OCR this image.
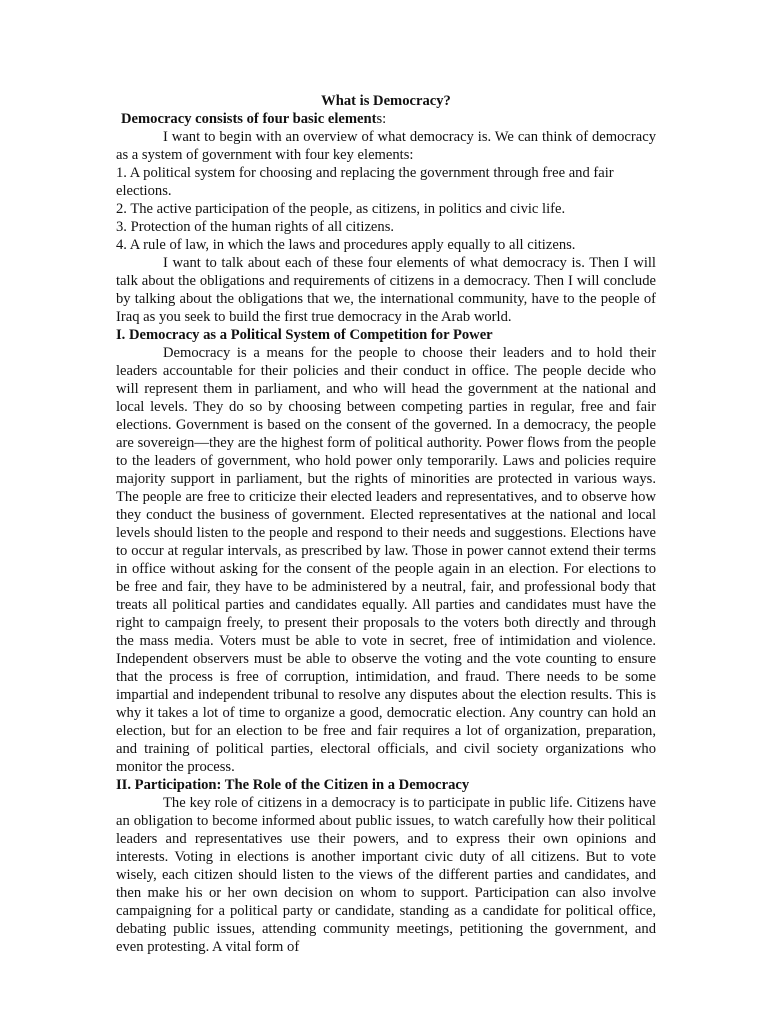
What is Democracy?
Democracy consists of four basic elements:

I want to begin with an overview of what democracy is. We can think of democracy as a system of government with four key elements:

1. A political system for choosing and replacing the government through free and fair elections.
2. The active participation of the people, as citizens, in politics and civic life.
3. Protection of the human rights of all citizens.
4. A rule of law, in which the laws and procedures apply equally to all citizens.

I want to talk about each of these four elements of what democracy is. Then I will talk about the obligations and requirements of citizens in a democracy. Then I will conclude by talking about the obligations that we, the international community, have to the people of Iraq as you seek to build the first true democracy in the Arab world.

I. Democracy as a Political System of Competition for Power

Democracy is a means for the people to choose their leaders and to hold their leaders accountable for their policies and their conduct in office. The people decide who will represent them in parliament, and who will head the government at the national and local levels. They do so by choosing between competing parties in regular, free and fair elections. Government is based on the consent of the governed. In a democracy, the people are sovereign—they are the highest form of political authority. Power flows from the people to the leaders of government, who hold power only temporarily. Laws and policies require majority support in parliament, but the rights of minorities are protected in various ways. The people are free to criticize their elected leaders and representatives, and to observe how they conduct the business of government. Elected representatives at the national and local levels should listen to the people and respond to their needs and suggestions. Elections have to occur at regular intervals, as prescribed by law. Those in power cannot extend their terms in office without asking for the consent of the people again in an election. For elections to be free and fair, they have to be administered by a neutral, fair, and professional body that treats all political parties and candidates equally. All parties and candidates must have the right to campaign freely, to present their proposals to the voters both directly and through the mass media. Voters must be able to vote in secret, free of intimidation and violence. Independent observers must be able to observe the voting and the vote counting to ensure that the process is free of corruption, intimidation, and fraud. There needs to be some impartial and independent tribunal to resolve any disputes about the election results. This is why it takes a lot of time to organize a good, democratic election. Any country can hold an election, but for an election to be free and fair requires a lot of organization, preparation, and training of political parties, electoral officials, and civil society organizations who monitor the process.

II. Participation: The Role of the Citizen in a Democracy

The key role of citizens in a democracy is to participate in public life. Citizens have an obligation to become informed about public issues, to watch carefully how their political leaders and representatives use their powers, and to express their own opinions and interests. Voting in elections is another important civic duty of all citizens. But to vote wisely, each citizen should listen to the views of the different parties and candidates, and then make his or her own decision on whom to support. Participation can also involve campaigning for a political party or candidate, standing as a candidate for political office, debating public issues, attending community meetings, petitioning the government, and even protesting. A vital form of
